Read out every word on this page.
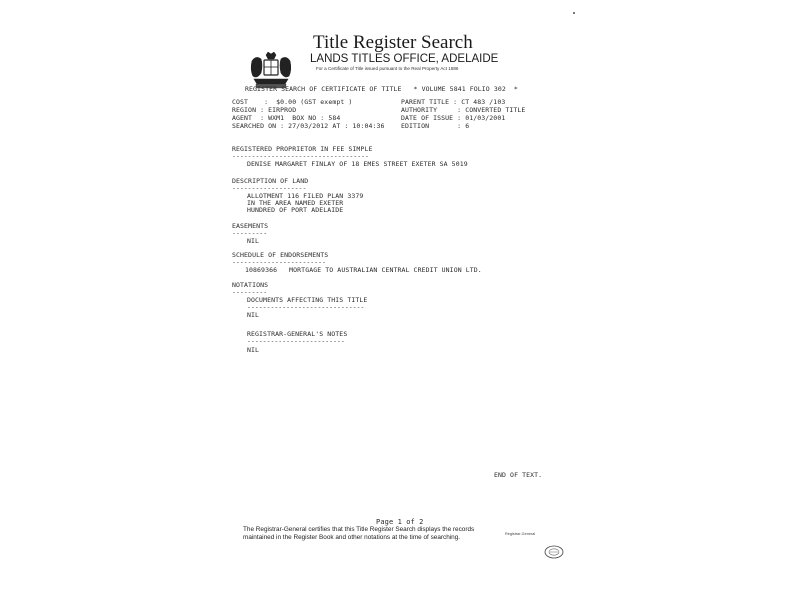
Title Register Search
LANDS TITLES OFFICE, ADELAIDE
For a Certificate of Title issued pursuant to the Real Property Act 1886
REGISTER SEARCH OF CERTIFICATE OF TITLE   * VOLUME 5841 FOLIO 302  *
COST    :  $0.00 (GST exempt )
REGION : EIRPROD
AGENT  : WXM1  BOX NO : 584
SEARCHED ON : 27/03/2012 AT : 10:04:36
PARENT TITLE : CT 483 /103
AUTHORITY     : CONVERTED TITLE
DATE OF ISSUE : 01/03/2001
EDITION       : 6
REGISTERED PROPRIETOR IN FEE SIMPLE
-----------------------------------
DENISE MARGARET FINLAY OF 18 EMES STREET EXETER SA 5019
DESCRIPTION OF LAND
-------------------
ALLOTMENT 116 FILED PLAN 3379
IN THE AREA NAMED EXETER
HUNDRED OF PORT ADELAIDE
EASEMENTS
---------
NIL
SCHEDULE OF ENDORSEMENTS
------------------------
10869366   MORTGAGE TO AUSTRALIAN CENTRAL CREDIT UNION LTD.
NOTATIONS
---------
DOCUMENTS AFFECTING THIS TITLE
------------------------------
NIL
REGISTRAR-GENERAL'S NOTES
-------------------------
NIL
END OF TEXT.
Page 1 of 2
The Registrar-General certifies that this Title Register Search displays the records
maintained in the Register Book and other notations at the time of searching.	Registrar-General
